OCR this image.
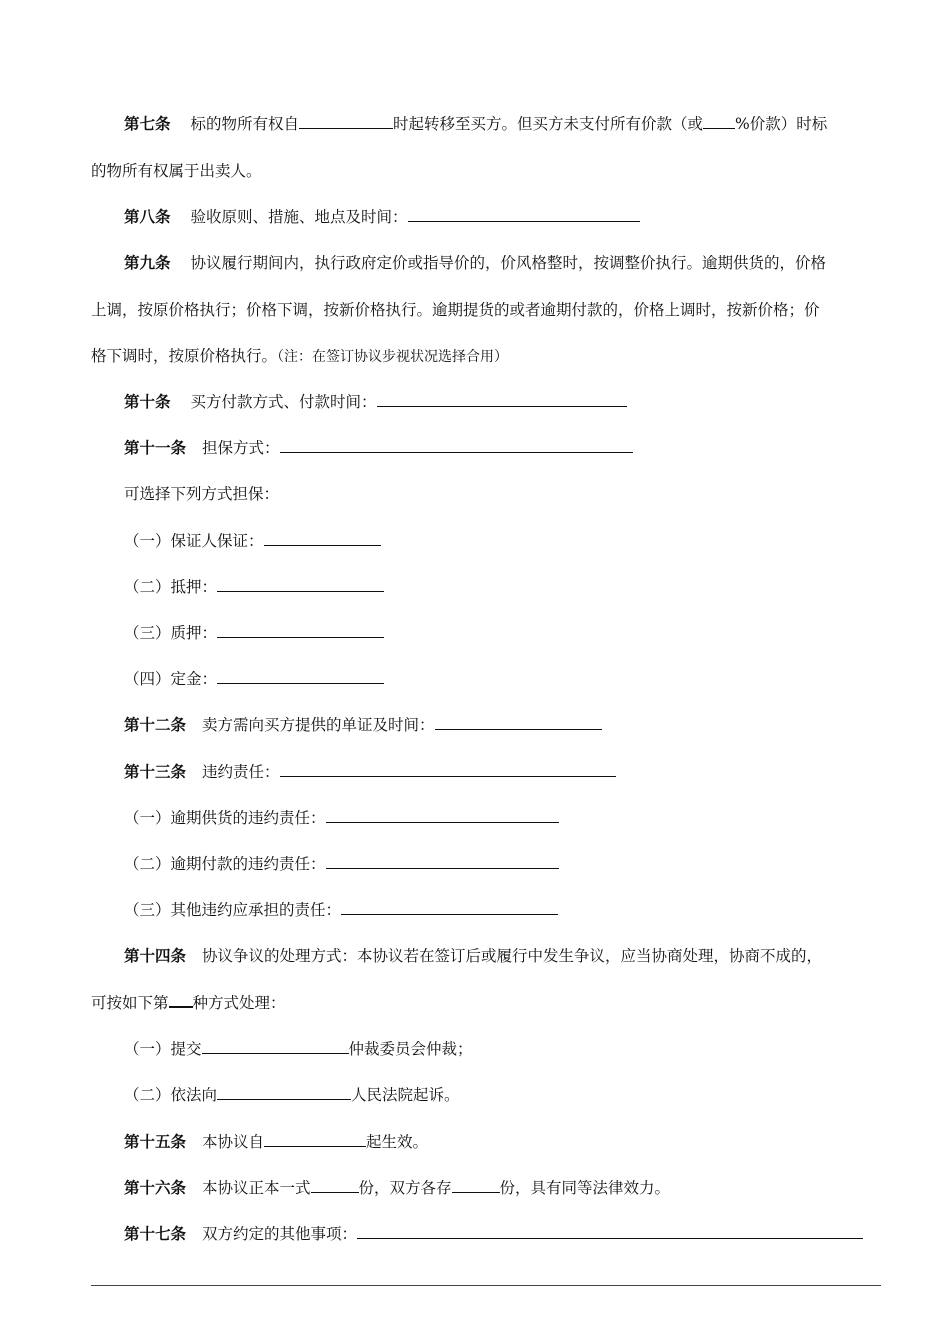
第七条 标的物所有权自	时起转移至买方。但买方未支付所有价款（或 %价款）时标
的物所有权属于出卖人。
第八条 验收原则、措施、地点及时间：
第九条 协议履行期间内，执行政府定价或指导价的，价风格整时，按调整价执行。逾期供货的，价格
上调，按原价格执行；价格下调，按新价格执行。逾期提货的或者逾期付款的，价格上调时，按新价格；价
格下调时，按原价格执行。（注：在签订协议步视状况选择合用）
第十条 买方付款方式、付款时间：
第十一条 担保方式：
可选择下列方式担保：
（一）保证人保证：
（二）抵押：
（三）质押：
（四）定金：
第十二条 卖方需向买方提供的单证及时间：
第十三条 违约责任：
（一）逾期供货的违约责任：
（二）逾期付款的违约责任：
（三）其他违约应承担的责任：
第十四条 协议争议的处理方式：本协议若在签订后或履行中发生争议，应当协商处理，协商不成的，
可按如下第 种方式处理：
（一）提交	仲裁委员会仲裁；
（二）依法向	人民法院起诉。
第十五条 本协议自	起生效。
第十六条 本协议正本一式	份，双方各存	份，具有同等法律效力。
第十七条 双方约定的其他事项：
